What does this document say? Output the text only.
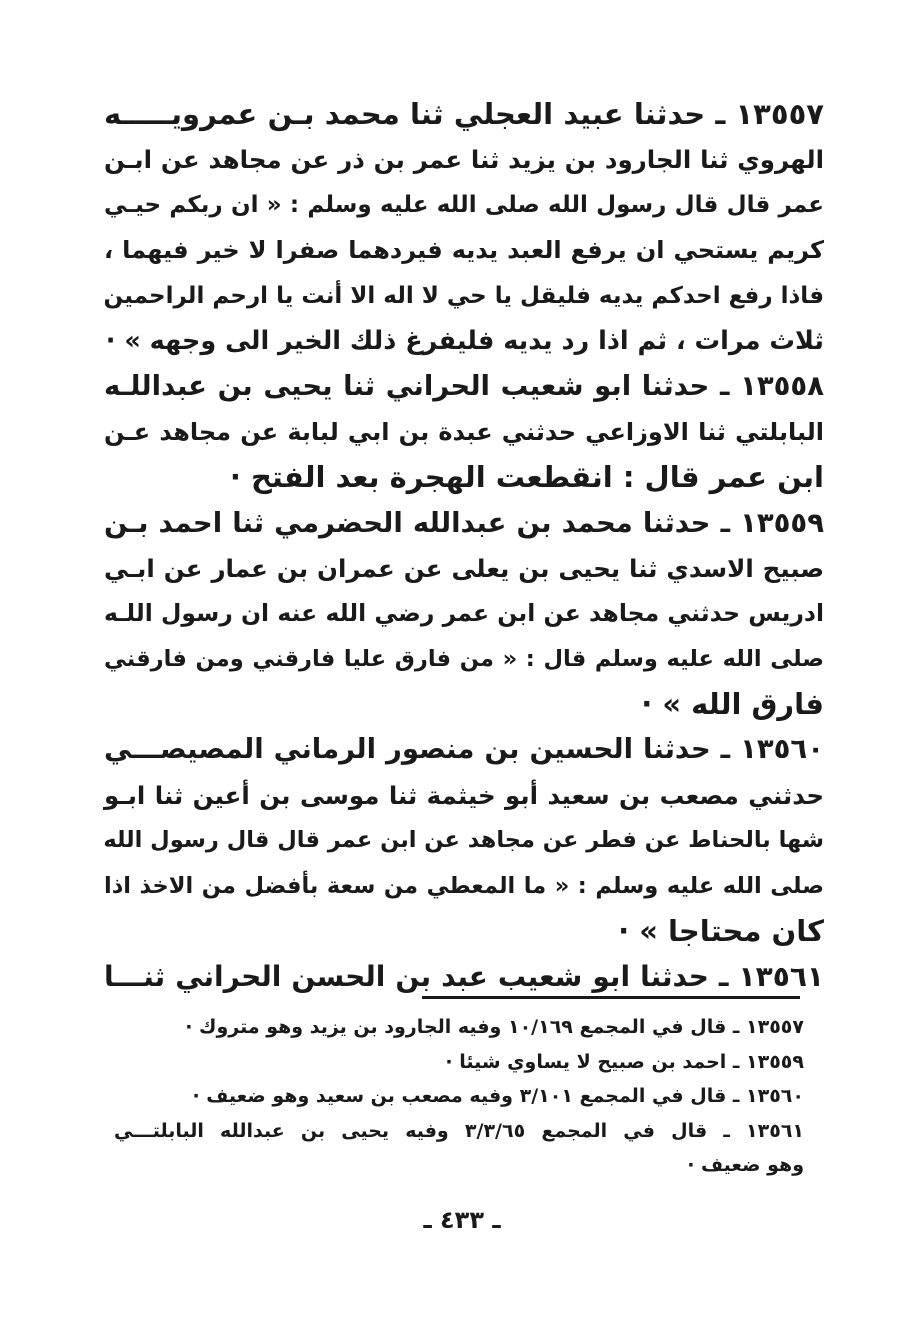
١٣٥٥٧ ـ حدثنا عبيد العجلي ثنا محمد بـن عمرويـــــه
الهروي ثنا الجارود بن يزيد ثنا عمر بن ذر عن مجاهد عن ابـن
عمر قال قال رسول الله صلى الله عليه وسلم : « ان ربكم حيـي
كريم يستحي ان يرفع العبد يديه فيردهما صفرا لا خير فيهما ،
فاذا رفع احدكم يديه فليقل يا حي لا اله الا أنت يا ارحم الراحمين
ثلاث مرات ، ثم اذا رد يديه فليفرغ ذلك الخير الى وجهه » ·
١٣٥٥٨ ـ حدثنا ابو شعيب الحراني ثنا يحيى بن عبداللـه
البابلتي ثنا الاوزاعي حدثني عبدة بن ابي لبابة عن مجاهد عـن
ابن عمر قال : انقطعت الهجرة بعد الفتح ·
١٣٥٥٩ ـ حدثنا محمد بن عبدالله الحضرمي ثنا احمد بـن
صبيح الاسدي ثنا يحيى بن يعلى عن عمران بن عمار عن ابـي
ادريس حدثني مجاهد عن ابن عمر رضي الله عنه ان رسول اللـه
صلى الله عليه وسلم قال : « من فارق عليا فارقني ومن فارقني
فارق الله » ·
١٣٥٦٠ ـ حدثنا الحسين بن منصور الرماني المصيصـــي
حدثني مصعب بن سعيد أبو خيثمة ثنا موسى بن أعين ثنا ابـو
شها بالحناط عن فطر عن مجاهد عن ابن عمر قال قال رسول الله
صلى الله عليه وسلم : « ما المعطي من سعة بأفضل من الاخذ اذا
كان محتاجا » ·
١٣٥٦١ ـ حدثنا ابو شعيب عبد بن الحسن الحراني ثنـــا
١٣٥٥٧ ـ قال في المجمع ١٠/١٦٩ وفيه الجارود بن يزيد وهو متروك ·
١٣٥٥٩ ـ احمد بن صبيح لا يساوي شيئا ·
١٣٥٦٠ ـ قال في المجمع ٣/١٠١ وفيه مصعب بن سعيد وهو ضعيف ·
١٣٥٦١ ـ قال في المجمع ٣/٣/٦٥ وفيه يحيى بن عبدالله البابلتـــي
وهو ضعيف ·
ـ ٤٣٣ ـ
